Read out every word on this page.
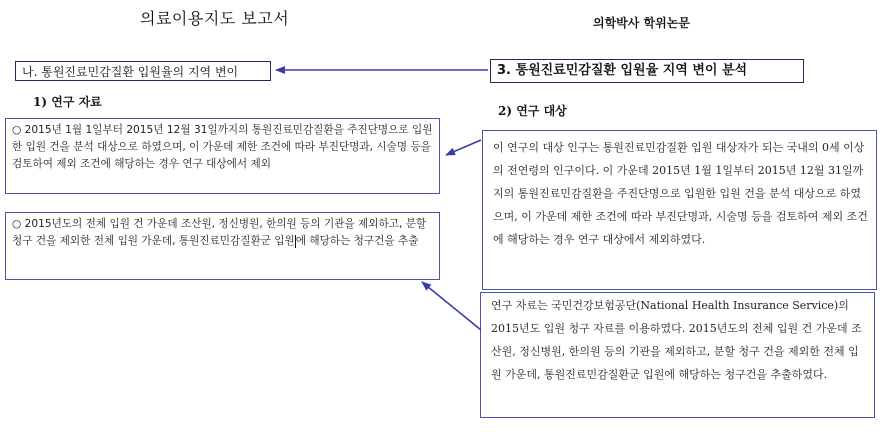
의료이용지도 보고서	의학박사 학위논문
나. 통원진료민감질환 입원율의 지역 변이	3. 통원진료민감질환 입원율 지역 변이 분석
1) 연구 자료
2) 연구 대상
○ 2015년 1월 1일부터 2015년 12월 31일까지의 통원진료민감질환을 주진단명으로 입원한 입원 건을 분석 대상으로 하였으며, 이 가운데 제한 조건에 따라 부진단명과, 시술명 등을 검토하여 제외 조건에 해당하는 경우 연구 대상에서 제외
○ 2015년도의 전체 입원 건 가운데 조산원, 정신병원, 한의원 등의 기관을 제외하고, 분할 청구 건을 제외한 전체 입원 가운데, 통원진료민감질환군 입원에 해당하는 청구건을 추출
이 연구의 대상 인구는 통원진료민감질환 입원 대상자가 되는 국내의 0세 이상의 전연령의 인구이다. 이 가운데 2015년 1월 1일부터 2015년 12월 31일까지의 통원진료민감질환을 주진단명으로 입원한 입원 건을 분석 대상으로 하였으며, 이 가운데 제한 조건에 따라 부진단명과, 시술명 등을 검토하여 제외 조건에 해당하는 경우 연구 대상에서 제외하였다.
연구 자료는 국민건강보험공단(National Health Insurance Service)의 2015년도 입원 청구 자료를 이용하였다. 2015년도의 전체 입원 건 가운데 조산원, 정신병원, 한의원 등의 기관을 제외하고, 분할 청구 건을 제외한 전체 입원 가운데, 통원진료민감질환군 입원에 해당하는 청구건을 추출하였다.
